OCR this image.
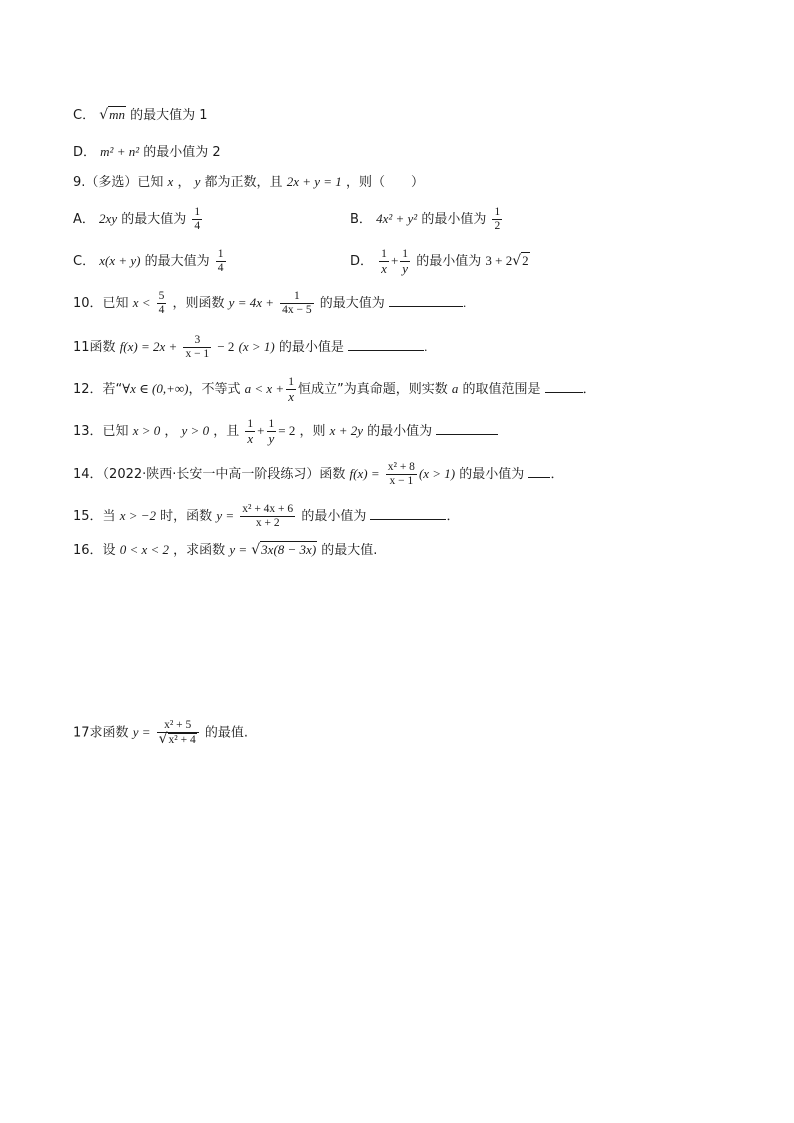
C． √mn 的最大值为 1
D． m² + n² 的最小值为 2
9.（多选）已知 x ， y 都为正数，且 2x + y = 1 ，则（　　）
A． 2xy 的最大值为 $\frac{1}{4}$	B． 4x² + y² 的最小值为 $\frac{1}{2}$
C． x(x + y) 的最大值为 $\frac{1}{4}$	D． $\frac{1}{x} + \frac{1}{y}$ 的最小值为 3 + 2√2
10．已知 $x < \frac{5}{4}$ ，则函数 $y = 4x + \frac{1}{4x - 5}$ 的最大值为	.
11函数 $f(x) = 2x + \frac{3}{x - 1} - 2$ (x > 1) 的最小值是	.
12．若“∀x ∈ (0,+∞)，不等式 $a < x + \frac{1}{x}$ 恒成立”为真命题，则实数 a 的取值范围是	．
13．已知 x > 0 ， y > 0 ，且 $\frac{1}{x} + \frac{1}{y} = 2$ ，则 x + 2y 的最小值为
14．（2022·陕西·长安一中高一阶段练习）函数 $f(x) = \frac{\text{x² + 8}}{x - 1} (x > 1)$ 的最小值为 ．
15．当 x > −2 时，函数 $y = \frac{\text{x² + 4x + 6}}{x + 2}$ 的最小值为	．
16．设 0 < x < 2 ，求函数 y = √3x(8 − 3x) 的最大值.
17求函数 $y = \frac{\text{x² + 5}}{\text{√x² + 4}}$ 的最值.
